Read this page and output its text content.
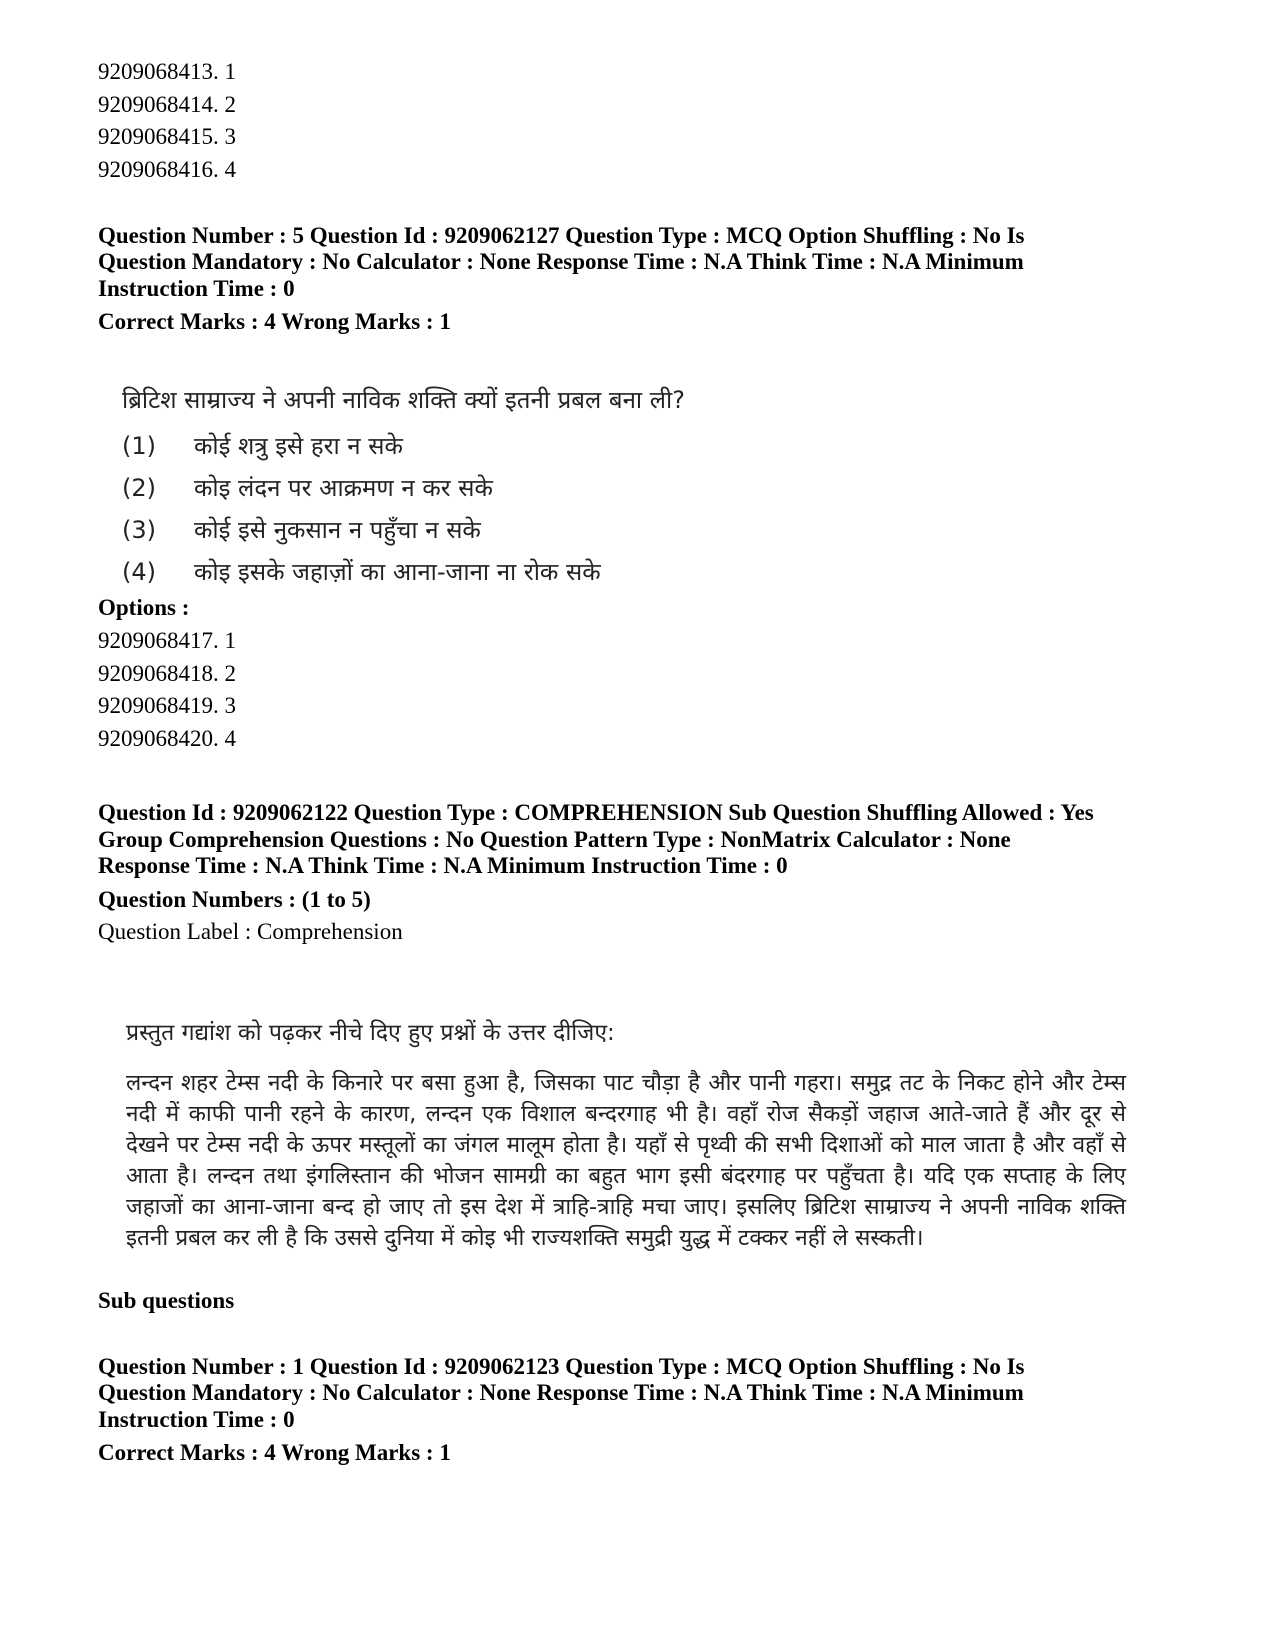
9209068413. 1
9209068414. 2
9209068415. 3
9209068416. 4
Question Number : 5 Question Id : 9209062127 Question Type : MCQ Option Shuffling : No Is
Question Mandatory : No Calculator : None Response Time : N.A Think Time : N.A Minimum
Instruction Time : 0
Correct Marks : 4 Wrong Marks : 1
ब्रिटिश साम्राज्य ने अपनी नाविक शक्ति क्यों इतनी प्रबल बना ली?
(1) कोई शत्रु इसे हरा न सके
(2) कोइ लंदन पर आक्रमण न कर सके
(3) कोई इसे नुकसान न पहुँचा न सके
(4) कोइ इसके जहाज़ों का आना-जाना ना रोक सके
Options :
9209068417. 1
9209068418. 2
9209068419. 3
9209068420. 4
Question Id : 9209062122 Question Type : COMPREHENSION Sub Question Shuffling Allowed : Yes
Group Comprehension Questions : No Question Pattern Type : NonMatrix Calculator : None
Response Time : N.A Think Time : N.A Minimum Instruction Time : 0
Question Numbers : (1 to 5)
Question Label : Comprehension
प्रस्तुत गद्यांश को पढ़कर नीचे दिए हुए प्रश्नों के उत्तर दीजिए:
लन्दन शहर टेम्स नदी के किनारे पर बसा हुआ है, जिसका पाट चौड़ा है और पानी गहरा। समुद्र तट के निकट होने और टेम्स नदी में काफी पानी रहने के कारण, लन्दन एक विशाल बन्दरगाह भी है। वहाँ रोज सैकड़ों जहाज आते-जाते हैं और दूर से देखने पर टेम्स नदी के ऊपर मस्तूलों का जंगल मालूम होता है। यहाँ से पृथ्वी की सभी दिशाओं को माल जाता है और वहाँ से आता है। लन्दन तथा इंगलिस्तान की भोजन सामग्री का बहुत भाग इसी बंदरगाह पर पहुँचता है। यदि एक सप्ताह के लिए जहाजों का आना-जाना बन्द हो जाए तो इस देश में त्राहि-त्राहि मचा जाए। इसलिए ब्रिटिश साम्राज्य ने अपनी नाविक शक्ति इतनी प्रबल कर ली है कि उससे दुनिया में कोइ भी राज्यशक्ति समुद्री युद्ध में टक्कर नहीं ले सस्कती।
Sub questions
Question Number : 1 Question Id : 9209062123 Question Type : MCQ Option Shuffling : No Is
Question Mandatory : No Calculator : None Response Time : N.A Think Time : N.A Minimum
Instruction Time : 0
Correct Marks : 4 Wrong Marks : 1
